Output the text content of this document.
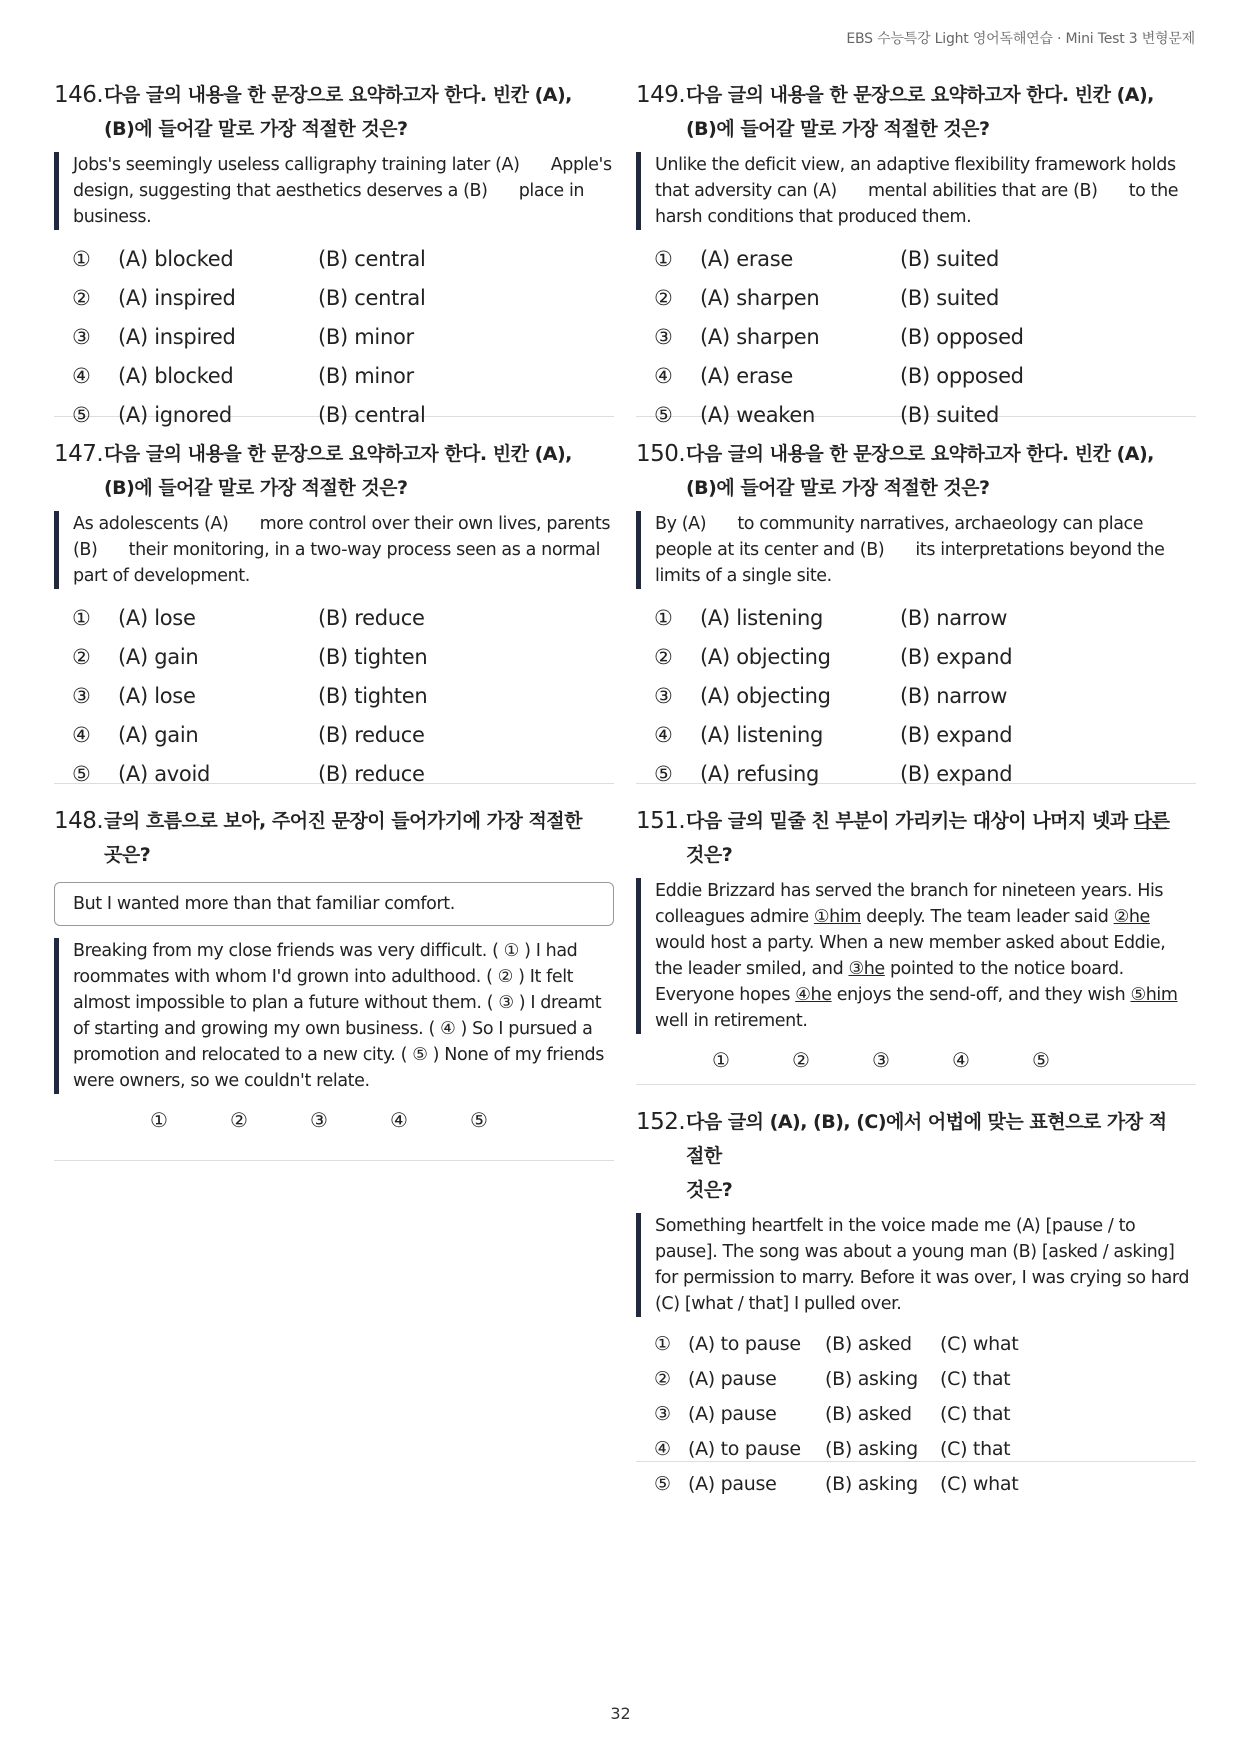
EBS 수능특강 Light 영어독해연습 · Mini Test 3 변형문제
146. 다음 글의 내용을 한 문장으로 요약하고자 한다. 빈칸 (A),
(B)에 들어갈 말로 가장 적절한 것은?
Jobs's seemingly useless calligraphy training later (A) Apple's design, suggesting that aesthetics deserves a (B) place in business.
①	(A) blocked	(B) central
②	(A) inspired	(B) central
③	(A) inspired	(B) minor
④	(A) blocked	(B) minor
⑤	(A) ignored	(B) central
147. 다음 글의 내용을 한 문장으로 요약하고자 한다. 빈칸 (A),
(B)에 들어갈 말로 가장 적절한 것은?
As adolescents (A) more control over their own lives, parents (B) their monitoring, in a two-way process seen as a normal part of development.
①	(A) lose	(B) reduce
②	(A) gain	(B) tighten
③	(A) lose	(B) tighten
④	(A) gain	(B) reduce
⑤	(A) avoid	(B) reduce
148. 글의 흐름으로 보아, 주어진 문장이 들어가기에 가장 적절한
곳은?
But I wanted more than that familiar comfort.
Breaking from my close friends was very difficult. ( ① ) I had roommates with whom I'd grown into adulthood. ( ② ) It felt almost impossible to plan a future without them. ( ③ ) I dreamt of starting and growing my own business. ( ④ ) So I pursued a promotion and relocated to a new city. ( ⑤ ) None of my friends were owners, so we couldn't relate.
①	②	③	④	⑤
149. 다음 글의 내용을 한 문장으로 요약하고자 한다. 빈칸 (A),
(B)에 들어갈 말로 가장 적절한 것은?
Unlike the deficit view, an adaptive flexibility framework holds that adversity can (A) mental abilities that are (B) to the harsh conditions that produced them.
①	(A) erase	(B) suited
②	(A) sharpen	(B) suited
③	(A) sharpen	(B) opposed
④	(A) erase	(B) opposed
⑤	(A) weaken	(B) suited
150. 다음 글의 내용을 한 문장으로 요약하고자 한다. 빈칸 (A),
(B)에 들어갈 말로 가장 적절한 것은?
By (A) to community narratives, archaeology can place people at its center and (B) its interpretations beyond the limits of a single site.
①	(A) listening	(B) narrow
②	(A) objecting	(B) expand
③	(A) objecting	(B) narrow
④	(A) listening	(B) expand
⑤	(A) refusing	(B) expand
151. 다음 글의 밑줄 친 부분이 가리키는 대상이 나머지 넷과 다른
것은?
Eddie Brizzard has served the branch for nineteen years. His colleagues admire ①him deeply. The team leader said ②he would host a party. When a new member asked about Eddie, the leader smiled, and ③he pointed to the notice board. Everyone hopes ④he enjoys the send-off, and they wish ⑤him well in retirement.
①	②	③	④	⑤
152. 다음 글의 (A), (B), (C)에서 어법에 맞는 표현으로 가장 적절한
것은?
Something heartfelt in the voice made me (A) [pause / to pause]. The song was about a young man (B) [asked / asking] for permission to marry. Before it was over, I was crying so hard (C) [what / that] I pulled over.
① (A) to pause	(B) asked	(C) what
② (A) pause	(B) asking	(C) that
③ (A) pause	(B) asked	(C) that
④ (A) to pause	(B) asking	(C) that
⑤ (A) pause	(B) asking	(C) what
32
